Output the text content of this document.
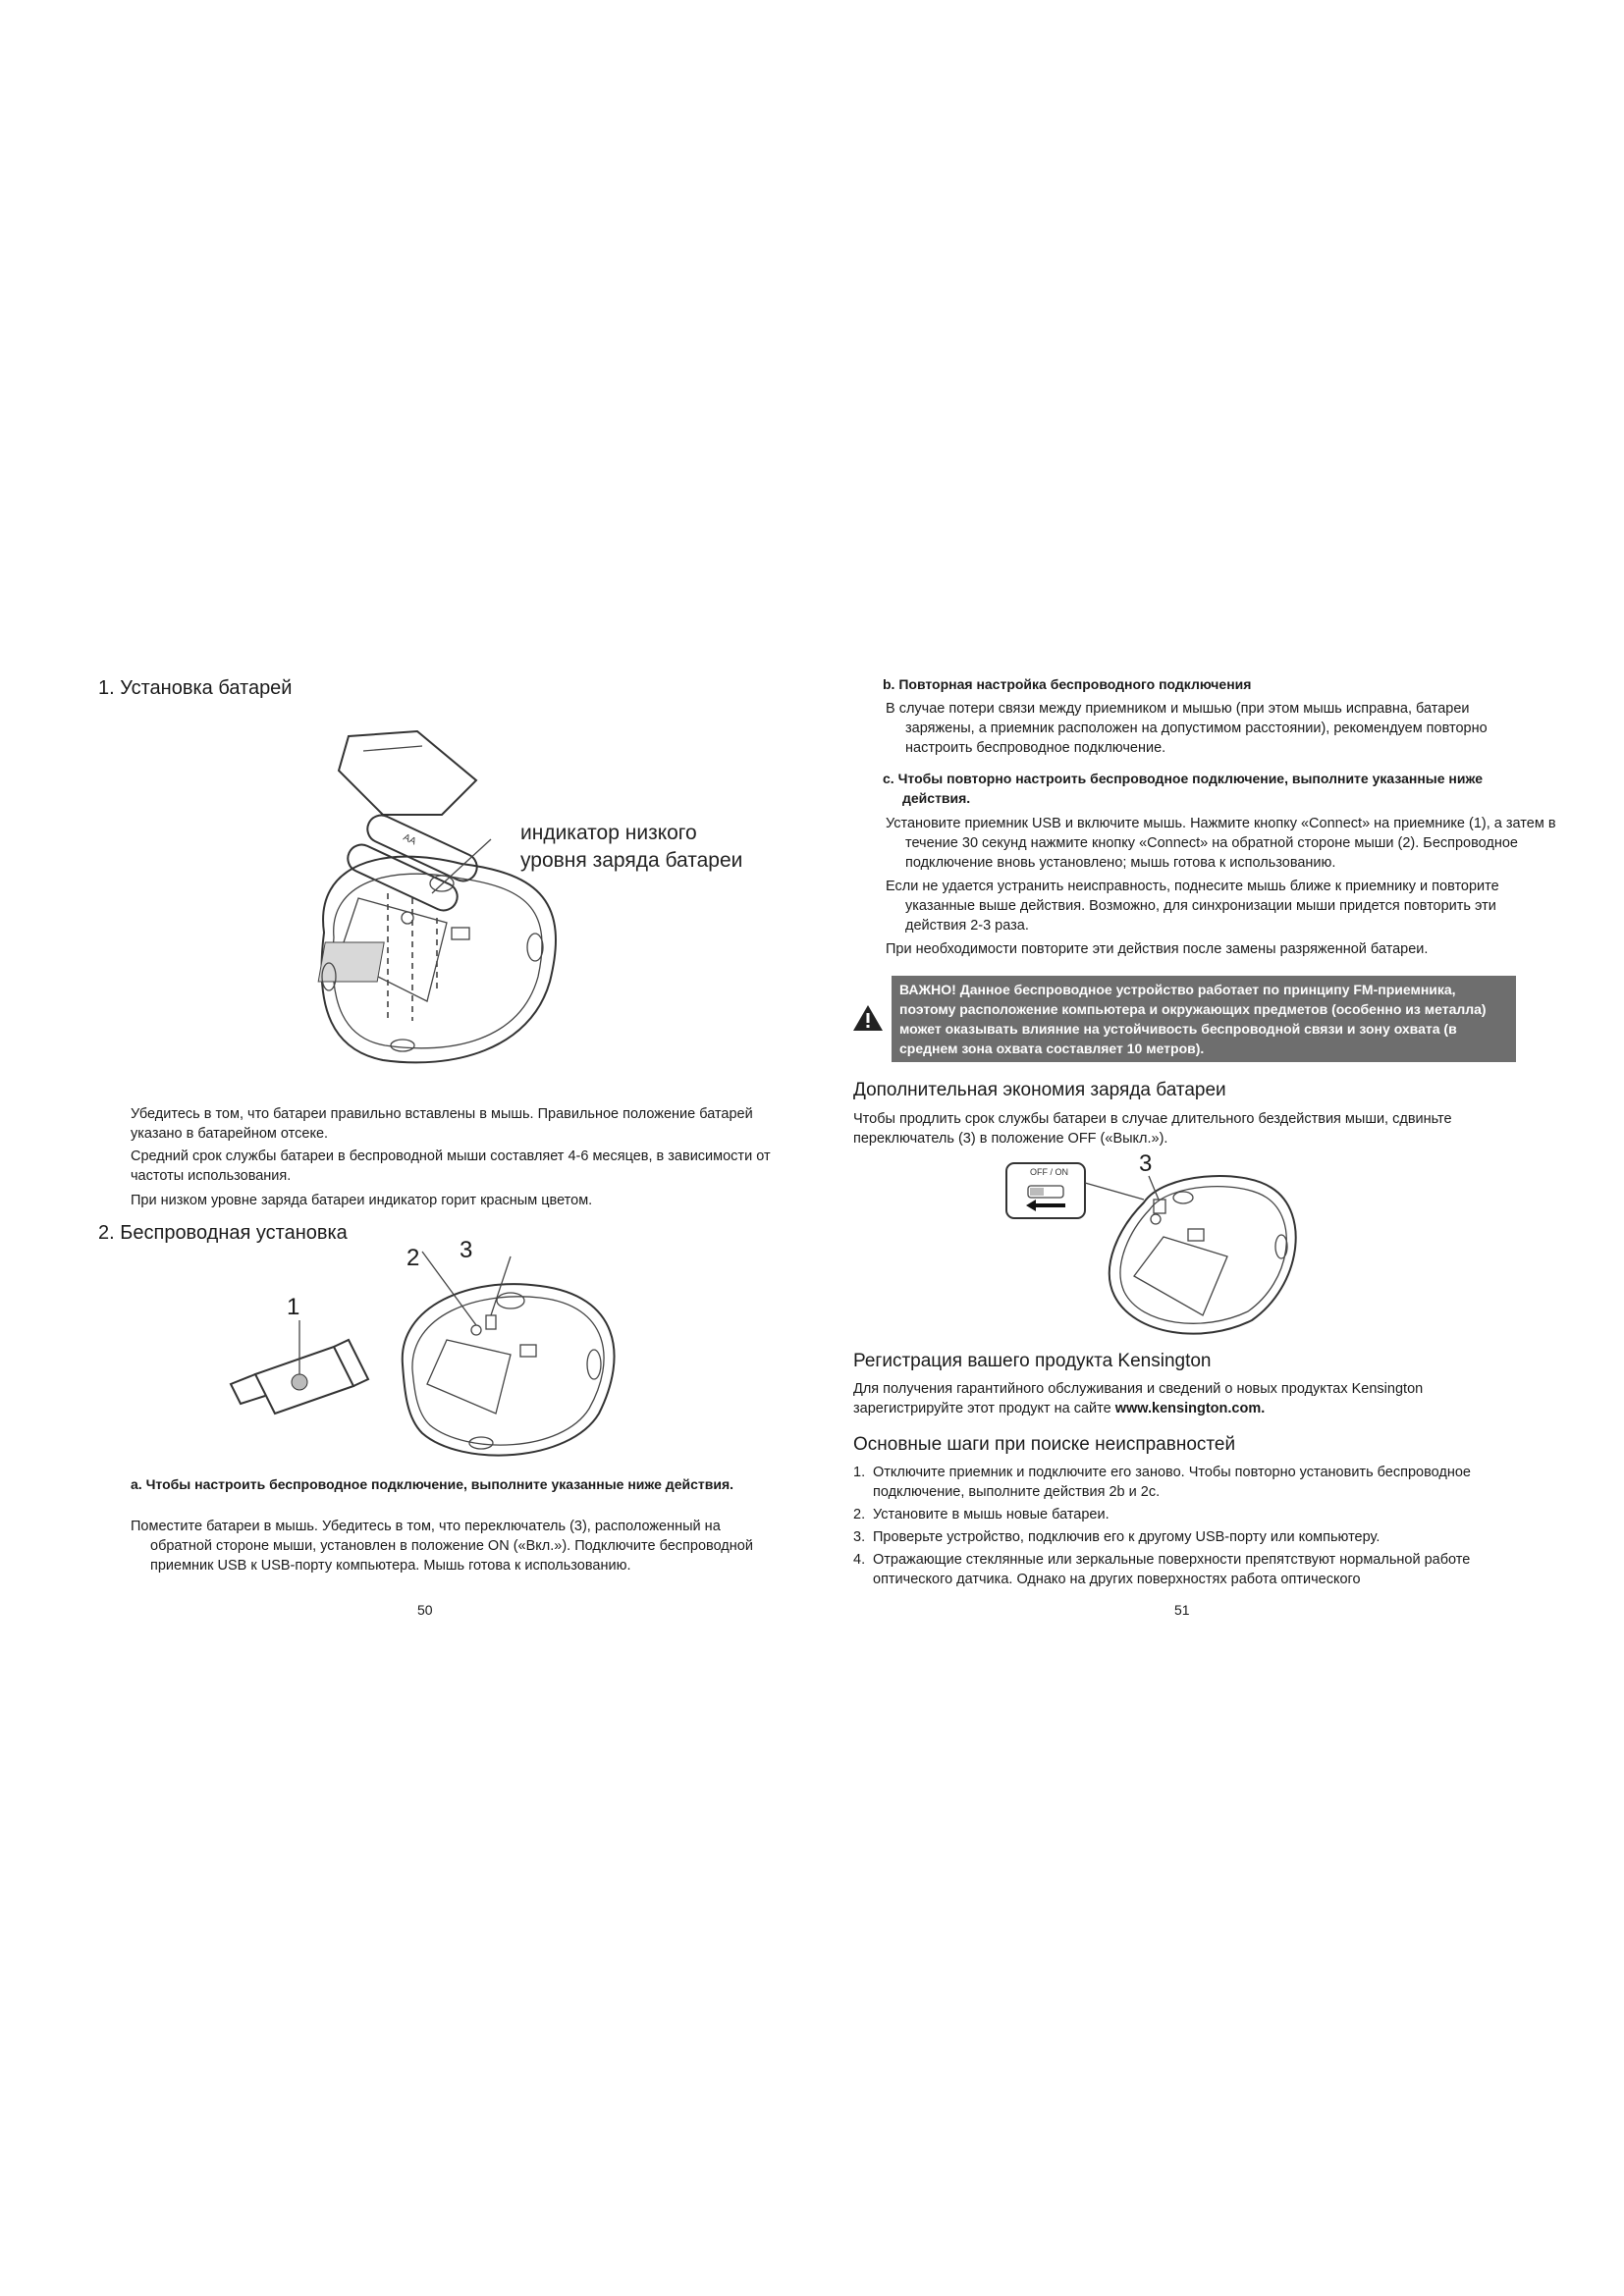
1. Установка батарей
AA	индикатор низкого
уровня заряда батареи
Убедитесь в том, что батареи правильно вставлены в мышь. Правильное положение батарей указано в батарейном отсеке.
Средний срок службы батареи в беспроводной мыши составляет 4-6 месяцев, в зависимости от частоты использования.
При низком уровне заряда батареи индикатор горит красным цветом.
2. Беспроводная установка
2 3
1
a. Чтобы настроить беспроводное подключение, выполните указанные ниже действия.
Поместите батареи в мышь. Убедитесь в том, что переключатель (3), расположенный на обратной стороне мыши, установлен в положение ON («Вкл.»). Подключите беспроводной приемник USB к USB-порту компьютера. Мышь готова к использованию.
50
b. Повторная настройка беспроводного подключения
В случае потери связи между приемником и мышью (при этом мышь исправна, батареи заряжены, а приемник расположен на допустимом расстоянии), рекомендуем повторно настроить беспроводное подключение.
c. Чтобы повторно настроить беспроводное подключение, выполните указанные ниже действия.
Установите приемник USB и включите мышь. Нажмите кнопку «Connect» на приемнике (1), а затем в течение 30 секунд нажмите кнопку «Connect» на обратной стороне мыши (2). Беспроводное подключение вновь установлено; мышь готова к использованию.
Если не удается устранить неисправность, поднесите мышь ближе к приемнику и повторите указанные выше действия. Возможно, для синхронизации мыши придется повторить эти действия 2-3 раза.
При необходимости повторите эти действия после замены разряженной батареи.
ВАЖНО! Данное беспроводное устройство работает по принципу FM-приемника, поэтому расположение компьютера и окружающих предметов (особенно из металла) может оказывать влияние на устойчивость беспроводной связи и зону охвата (в среднем зона охвата составляет 10 метров).
Дополнительная экономия заряда батареи
Чтобы продлить срок службы батареи в случае длительного бездействия мыши, сдвиньте переключатель (3) в положение OFF («Выкл.»).
OFF / ON	3
Регистрация вашего продукта Kensington
Для получения гарантийного обслуживания и сведений о новых продуктах Kensington зарегистрируйте этот продукт на сайте www.kensington.com.
Основные шаги при поиске неисправностей
1. Отключите приемник и подключите его заново. Чтобы повторно установить беспроводное подключение, выполните действия 2b и 2c.
2. Установите в мышь новые батареи.
3. Проверьте устройство, подключив его к другому USB-порту или компьютеру.
4. Отражающие стеклянные или зеркальные поверхности препятствуют нормальной работе оптического датчика. Однако на других поверхностях работа оптического
51
